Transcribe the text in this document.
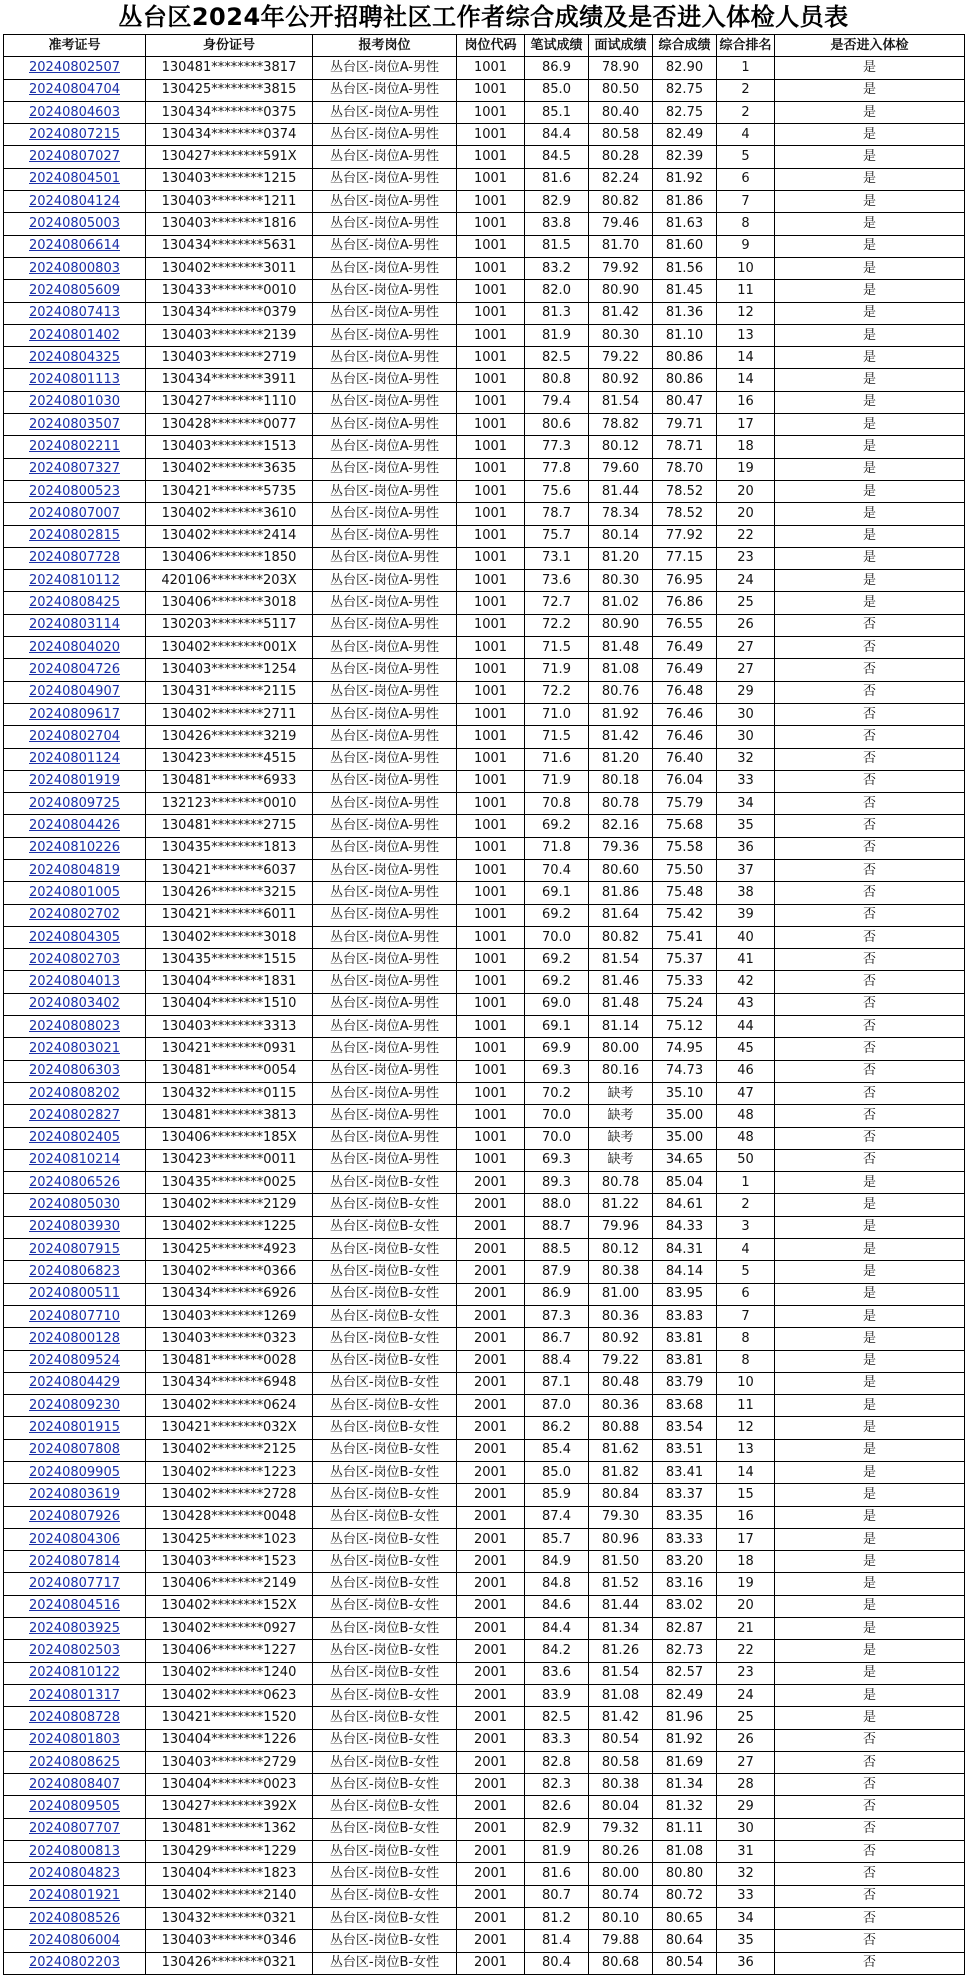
丛台区2024年公开招聘社区工作者综合成绩及是否进入体检人员表
准考证号	身份证号	报考岗位	岗位代码	笔试成绩	面试成绩	综合成绩	综合排名	是否进入体检
20240802507	130481********3817	丛台区-岗位A-男性	1001	86.9	78.90	82.90	1	是
20240804704	130425********3815	丛台区-岗位A-男性	1001	85.0	80.50	82.75	2	是
20240804603	130434********0375	丛台区-岗位A-男性	1001	85.1	80.40	82.75	2	是
20240807215	130434********0374	丛台区-岗位A-男性	1001	84.4	80.58	82.49	4	是
20240807027	130427********591X	丛台区-岗位A-男性	1001	84.5	80.28	82.39	5	是
20240804501	130403********1215	丛台区-岗位A-男性	1001	81.6	82.24	81.92	6	是
20240804124	130403********1211	丛台区-岗位A-男性	1001	82.9	80.82	81.86	7	是
20240805003	130403********1816	丛台区-岗位A-男性	1001	83.8	79.46	81.63	8	是
20240806614	130434********5631	丛台区-岗位A-男性	1001	81.5	81.70	81.60	9	是
20240800803	130402********3011	丛台区-岗位A-男性	1001	83.2	79.92	81.56	10	是
20240805609	130433********0010	丛台区-岗位A-男性	1001	82.0	80.90	81.45	11	是
20240807413	130434********0379	丛台区-岗位A-男性	1001	81.3	81.42	81.36	12	是
20240801402	130403********2139	丛台区-岗位A-男性	1001	81.9	80.30	81.10	13	是
20240804325	130403********2719	丛台区-岗位A-男性	1001	82.5	79.22	80.86	14	是
20240801113	130434********3911	丛台区-岗位A-男性	1001	80.8	80.92	80.86	14	是
20240801030	130427********1110	丛台区-岗位A-男性	1001	79.4	81.54	80.47	16	是
20240803507	130428********0077	丛台区-岗位A-男性	1001	80.6	78.82	79.71	17	是
20240802211	130403********1513	丛台区-岗位A-男性	1001	77.3	80.12	78.71	18	是
20240807327	130402********3635	丛台区-岗位A-男性	1001	77.8	79.60	78.70	19	是
20240800523	130421********5735	丛台区-岗位A-男性	1001	75.6	81.44	78.52	20	是
20240807007	130402********3610	丛台区-岗位A-男性	1001	78.7	78.34	78.52	20	是
20240802815	130402********2414	丛台区-岗位A-男性	1001	75.7	80.14	77.92	22	是
20240807728	130406********1850	丛台区-岗位A-男性	1001	73.1	81.20	77.15	23	是
20240810112	420106********203X	丛台区-岗位A-男性	1001	73.6	80.30	76.95	24	是
20240808425	130406********3018	丛台区-岗位A-男性	1001	72.7	81.02	76.86	25	是
20240803114	130203********5117	丛台区-岗位A-男性	1001	72.2	80.90	76.55	26	否
20240804020	130402********001X	丛台区-岗位A-男性	1001	71.5	81.48	76.49	27	否
20240804726	130403********1254	丛台区-岗位A-男性	1001	71.9	81.08	76.49	27	否
20240804907	130431********2115	丛台区-岗位A-男性	1001	72.2	80.76	76.48	29	否
20240809617	130402********2711	丛台区-岗位A-男性	1001	71.0	81.92	76.46	30	否
20240802704	130426********3219	丛台区-岗位A-男性	1001	71.5	81.42	76.46	30	否
20240801124	130423********4515	丛台区-岗位A-男性	1001	71.6	81.20	76.40	32	否
20240801919	130481********6933	丛台区-岗位A-男性	1001	71.9	80.18	76.04	33	否
20240809725	132123********0010	丛台区-岗位A-男性	1001	70.8	80.78	75.79	34	否
20240804426	130481********2715	丛台区-岗位A-男性	1001	69.2	82.16	75.68	35	否
20240810226	130435********1813	丛台区-岗位A-男性	1001	71.8	79.36	75.58	36	否
20240804819	130421********6037	丛台区-岗位A-男性	1001	70.4	80.60	75.50	37	否
20240801005	130426********3215	丛台区-岗位A-男性	1001	69.1	81.86	75.48	38	否
20240802702	130421********6011	丛台区-岗位A-男性	1001	69.2	81.64	75.42	39	否
20240804305	130402********3018	丛台区-岗位A-男性	1001	70.0	80.82	75.41	40	否
20240802703	130435********1515	丛台区-岗位A-男性	1001	69.2	81.54	75.37	41	否
20240804013	130404********1831	丛台区-岗位A-男性	1001	69.2	81.46	75.33	42	否
20240803402	130404********1510	丛台区-岗位A-男性	1001	69.0	81.48	75.24	43	否
20240808023	130403********3313	丛台区-岗位A-男性	1001	69.1	81.14	75.12	44	否
20240803021	130421********0931	丛台区-岗位A-男性	1001	69.9	80.00	74.95	45	否
20240806303	130481********0054	丛台区-岗位A-男性	1001	69.3	80.16	74.73	46	否
20240808202	130432********0115	丛台区-岗位A-男性	1001	70.2	缺考	35.10	47	否
20240802827	130481********3813	丛台区-岗位A-男性	1001	70.0	缺考	35.00	48	否
20240802405	130406********185X	丛台区-岗位A-男性	1001	70.0	缺考	35.00	48	否
20240810214	130423********0011	丛台区-岗位A-男性	1001	69.3	缺考	34.65	50	否
20240806526	130435********0025	丛台区-岗位B-女性	2001	89.3	80.78	85.04	1	是
20240805030	130402********2129	丛台区-岗位B-女性	2001	88.0	81.22	84.61	2	是
20240803930	130402********1225	丛台区-岗位B-女性	2001	88.7	79.96	84.33	3	是
20240807915	130425********4923	丛台区-岗位B-女性	2001	88.5	80.12	84.31	4	是
20240806823	130402********0366	丛台区-岗位B-女性	2001	87.9	80.38	84.14	5	是
20240800511	130434********6926	丛台区-岗位B-女性	2001	86.9	81.00	83.95	6	是
20240807710	130403********1269	丛台区-岗位B-女性	2001	87.3	80.36	83.83	7	是
20240800128	130403********0323	丛台区-岗位B-女性	2001	86.7	80.92	83.81	8	是
20240809524	130481********0028	丛台区-岗位B-女性	2001	88.4	79.22	83.81	8	是
20240804429	130434********6948	丛台区-岗位B-女性	2001	87.1	80.48	83.79	10	是
20240809230	130402********0624	丛台区-岗位B-女性	2001	87.0	80.36	83.68	11	是
20240801915	130421********032X	丛台区-岗位B-女性	2001	86.2	80.88	83.54	12	是
20240807808	130402********2125	丛台区-岗位B-女性	2001	85.4	81.62	83.51	13	是
20240809905	130402********1223	丛台区-岗位B-女性	2001	85.0	81.82	83.41	14	是
20240803619	130402********2728	丛台区-岗位B-女性	2001	85.9	80.84	83.37	15	是
20240807926	130428********0048	丛台区-岗位B-女性	2001	87.4	79.30	83.35	16	是
20240804306	130425********1023	丛台区-岗位B-女性	2001	85.7	80.96	83.33	17	是
20240807814	130403********1523	丛台区-岗位B-女性	2001	84.9	81.50	83.20	18	是
20240807717	130406********2149	丛台区-岗位B-女性	2001	84.8	81.52	83.16	19	是
20240804516	130402********152X	丛台区-岗位B-女性	2001	84.6	81.44	83.02	20	是
20240803925	130402********0927	丛台区-岗位B-女性	2001	84.4	81.34	82.87	21	是
20240802503	130406********1227	丛台区-岗位B-女性	2001	84.2	81.26	82.73	22	是
20240810122	130402********1240	丛台区-岗位B-女性	2001	83.6	81.54	82.57	23	是
20240801317	130402********0623	丛台区-岗位B-女性	2001	83.9	81.08	82.49	24	是
20240808728	130421********1520	丛台区-岗位B-女性	2001	82.5	81.42	81.96	25	是
20240801803	130404********1226	丛台区-岗位B-女性	2001	83.3	80.54	81.92	26	否
20240808625	130403********2729	丛台区-岗位B-女性	2001	82.8	80.58	81.69	27	否
20240808407	130404********0023	丛台区-岗位B-女性	2001	82.3	80.38	81.34	28	否
20240809505	130427********392X	丛台区-岗位B-女性	2001	82.6	80.04	81.32	29	否
20240807707	130481********1362	丛台区-岗位B-女性	2001	82.9	79.32	81.11	30	否
20240800813	130429********1229	丛台区-岗位B-女性	2001	81.9	80.26	81.08	31	否
20240804823	130404********1823	丛台区-岗位B-女性	2001	81.6	80.00	80.80	32	否
20240801921	130402********2140	丛台区-岗位B-女性	2001	80.7	80.74	80.72	33	否
20240808526	130432********0321	丛台区-岗位B-女性	2001	81.2	80.10	80.65	34	否
20240806004	130403********0346	丛台区-岗位B-女性	2001	81.4	79.88	80.64	35	否
20240802203	130426********0321	丛台区-岗位B-女性	2001	80.4	80.68	80.54	36	否
